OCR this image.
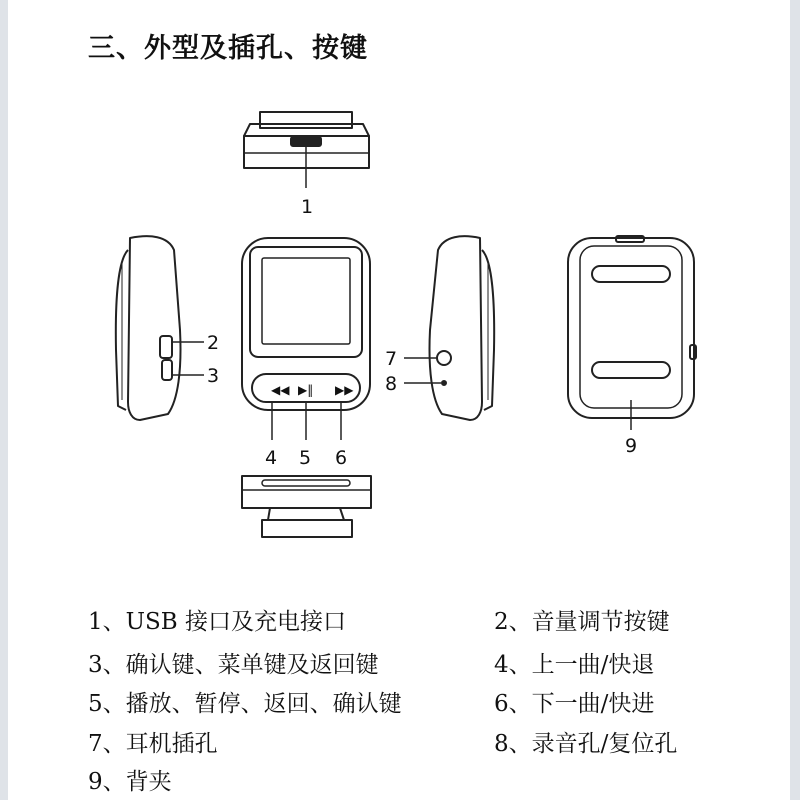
三、外型及插孔、按键
◀◀ ▶‖ ▶▶
1
2
3
4 5 6
7
8
9
1、USB 接口及充电接口	2、音量调节按键
3、确认键、菜单键及返回键	4、上一曲/快退
5、播放、暂停、返回、确认键	6、下一曲/快进
7、耳机插孔	8、录音孔/复位孔
9、背夹
